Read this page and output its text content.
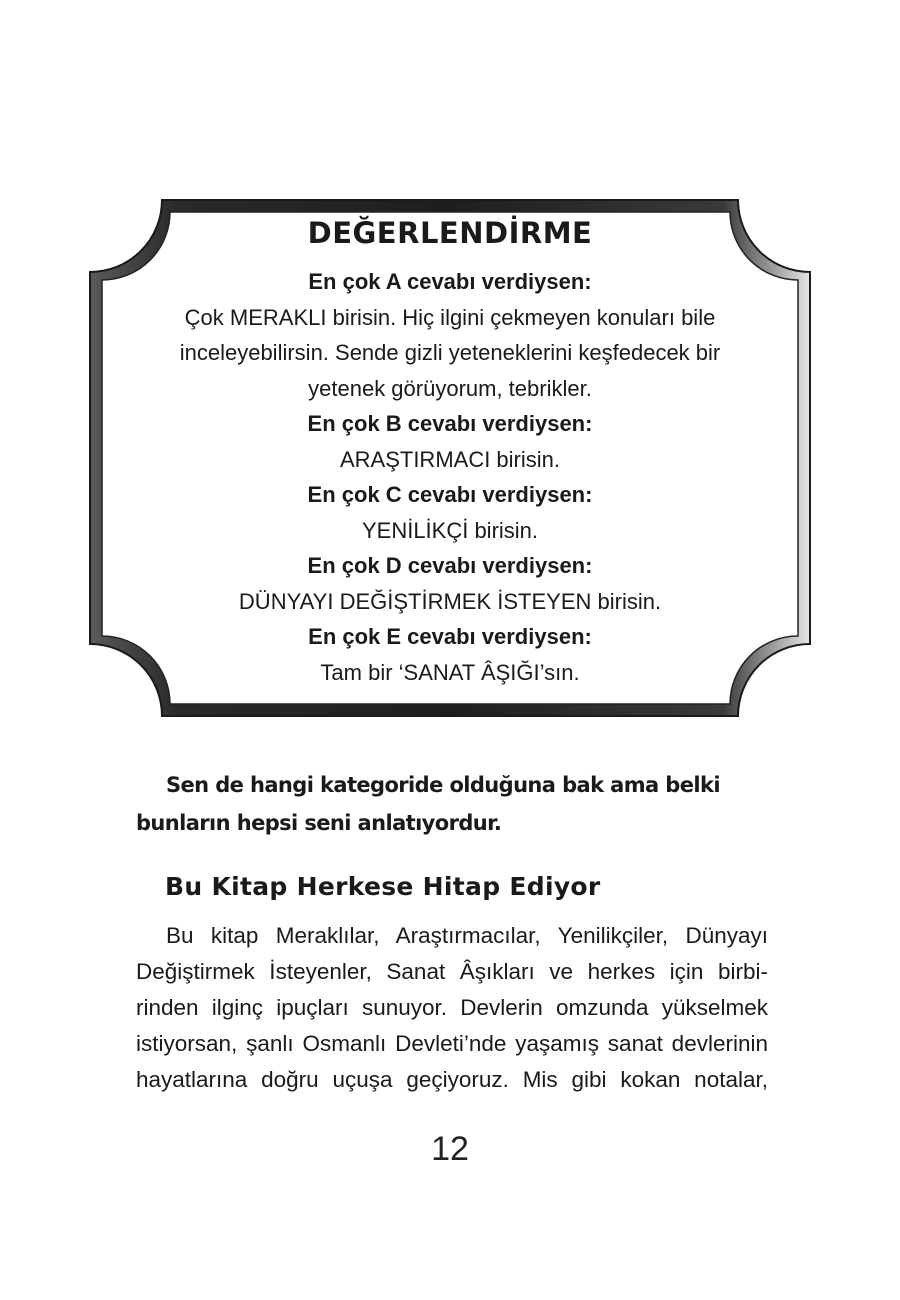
DEĞERLENDİRME
En çok A cevabı verdiysen:
Çok MERAKLI birisin. Hiç ilgini çekmeyen konuları bile
inceleyebilirsin. Sende gizli yeteneklerini keşfedecek bir
yetenek görüyorum, tebrikler.
En çok B cevabı verdiysen:
ARAŞTIRMACI birisin.
En çok C cevabı verdiysen:
YENİLİKÇİ birisin.
En çok D cevabı verdiysen:
DÜNYAYI DEĞİŞTİRMEK İSTEYEN birisin.
En çok E cevabı verdiysen:
Tam bir ‘SANAT ÂŞIĞI’sın.
Sen de hangi kategoride olduğuna bak ama belki bunların hepsi seni anlatıyordur.
Bu Kitap Herkese Hitap Ediyor
Bu kitap Meraklılar, Araştırmacılar, Yenilikçiler, Dünyayı
Değiştirmek İsteyenler, Sanat Âşıkları ve herkes için birbi-
rinden ilginç ipuçları sunuyor. Devlerin omzunda yükselmek
istiyorsan, şanlı Osmanlı Devleti’nde yaşamış sanat devlerinin
hayatlarına doğru uçuşa geçiyoruz. Mis gibi kokan notalar,
12
